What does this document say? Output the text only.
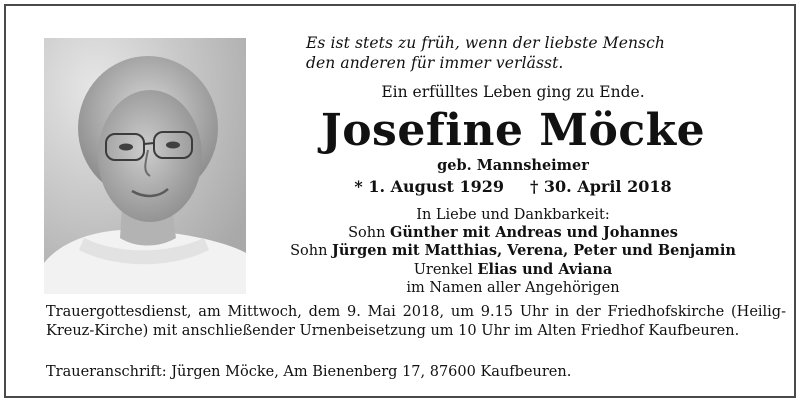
Es ist stets zu früh, wenn der liebste Mensch
den anderen für immer verlässt.
Ein erfülltes Leben ging zu Ende.
Josefine Möcke
geb. Mannsheimer
* 1. August 1929 † 30. April 2018
In Liebe und Dankbarkeit:
Sohn Günther mit Andreas und Johannes
Sohn Jürgen mit Matthias, Verena, Peter und Benjamin
Urenkel Elias und Aviana
im Namen aller Angehörigen
Trauergottesdienst, am Mittwoch, dem 9. Mai 2018, um 9.15 Uhr in der Friedhofskirche (Heilig-Kreuz-Kirche) mit anschließender Urnenbeisetzung um 10 Uhr im Alten Friedhof Kaufbeuren.
Traueranschrift: Jürgen Möcke, Am Bienenberg 17, 87600 Kaufbeuren.
